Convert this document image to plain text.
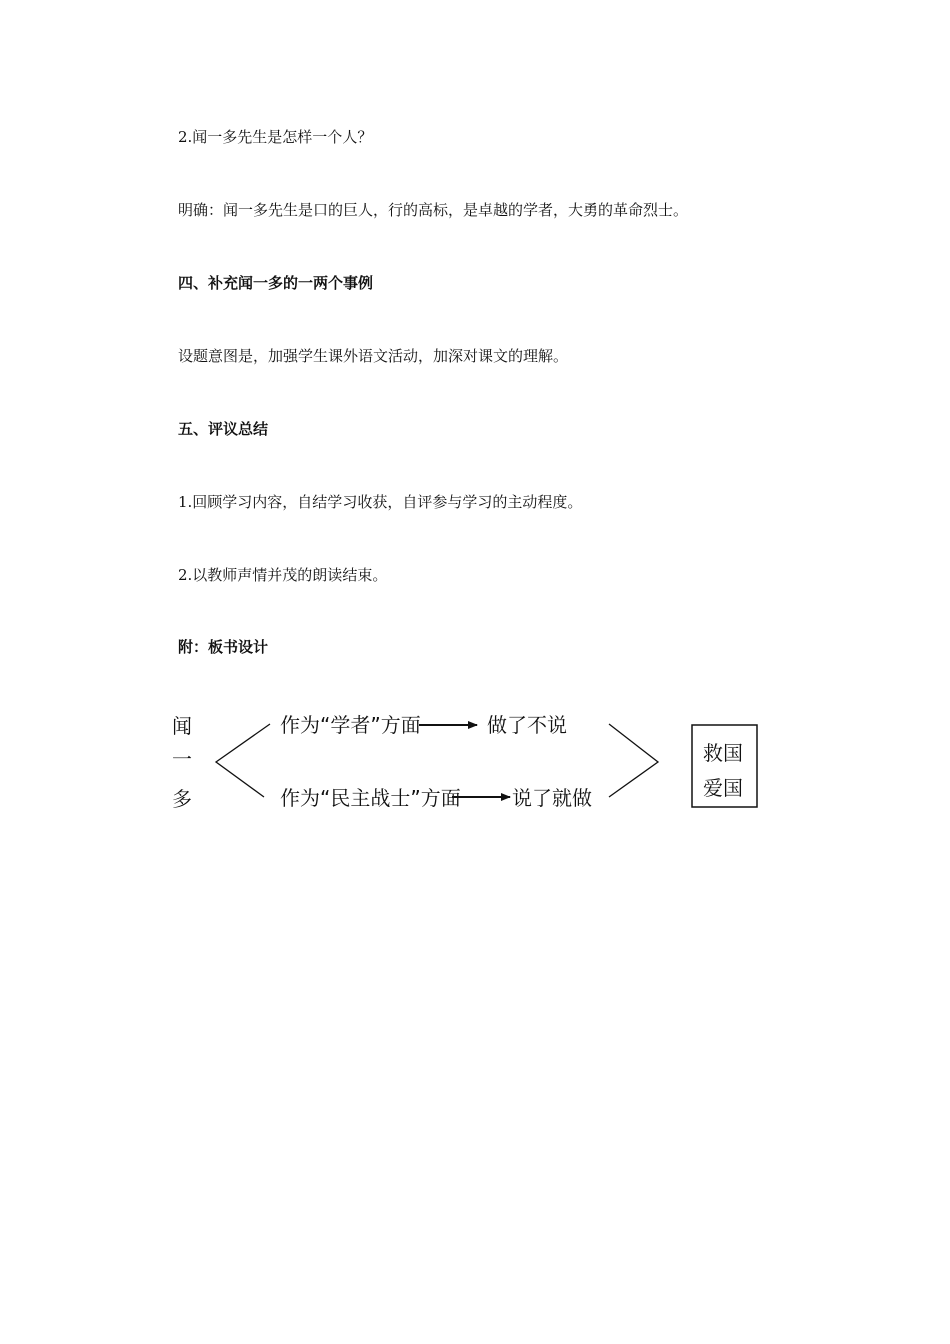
2.闻一多先生是怎样一个人？
明确：闻一多先生是口的巨人，行的高标，是卓越的学者，大勇的革命烈士。
四、补充闻一多的一两个事例
设题意图是，加强学生课外语文活动，加深对课文的理解。
五、评议总结
1.回顾学习内容，自结学习收获，自评参与学习的主动程度。
2.以教师声情并茂的朗读结束。
附：板书设计
闻
一
多
作为“学者”方面	做了不说
作为“民主战士”方面	说了就做
救国
爱国
